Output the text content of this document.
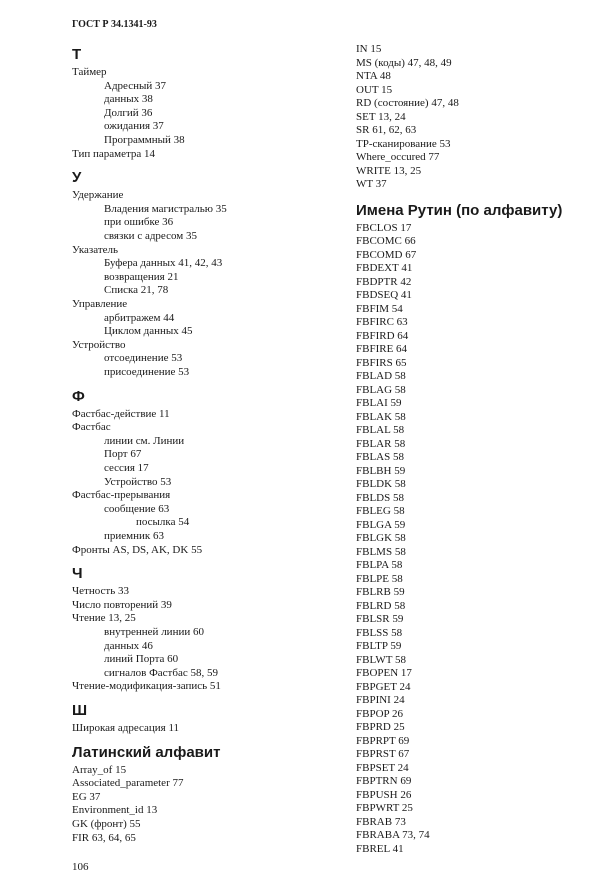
ГОСТ Р 34.1341-93
Т
Таймер
Адресный 37
данных 38
Долгий 36
ожидания 37
Программный 38
Тип параметра 14
У
Удержание
Владения магистралью 35
при ошибке 36
связки с адресом 35
Указатель
Буфера данных 41, 42, 43
возвращения 21
Списка 21, 78
Управление
арбитражем 44
Циклом данных 45
Устройство
отсоединение 53
присоединение 53
Ф
Фастбас-действие 11
Фастбас
линии см. Линии
Порт 67
сессия 17
Устройство 53
Фастбас-прерывания
сообщение 63
посылка 54
приемник 63
Фронты AS, DS, AK, DK 55
Ч
Четность 33
Число повторений 39
Чтение 13, 25
внутренней линии 60
данных 46
линий Порта 60
сигналов Фастбас 58, 59
Чтение-модификация-запись 51
Ш
Широкая адресация 11
Латинский алфавит
Array_of 15
Associated_parameter 77
EG 37
Environment_id 13
GK (фронт) 55
FIR 63, 64, 65
IN 15
MS (коды) 47, 48, 49
NTA 48
OUT 15
RD (состояние) 47, 48
SET 13, 24
SR 61, 62, 63
TP-сканирование 53
Where_occured 77
WRITE 13, 25
WT 37
Имена Рутин (по алфавиту)
FBCLOS 17
FBCOMC 66
FBCOMD 67
FBDEXT 41
FBDPTR 42
FBDSEQ 41
FBFIM 54
FBFIRC 63
FBFIRD 64
FBFIRE 64
FBFIRS 65
FBLAD 58
FBLAG 58
FBLAI 59
FBLAK 58
FBLAL 58
FBLAR 58
FBLAS 58
FBLBH 59
FBLDK 58
FBLDS 58
FBLEG 58
FBLGA 59
FBLGK 58
FBLMS 58
FBLPA 58
FBLPE 58
FBLRB 59
FBLRD 58
FBLSR 59
FBLSS 58
FBLTP 59
FBLWT 58
FBOPEN 17
FBPGET 24
FBPINI 24
FBPOP 26
FBPRD 25
FBPRPT 69
FBPRST 67
FBPSET 24
FBPTRN 69
FBPUSH 26
FBPWRT 25
FBRAB 73
FBRABA 73, 74
FBREL 41
106
